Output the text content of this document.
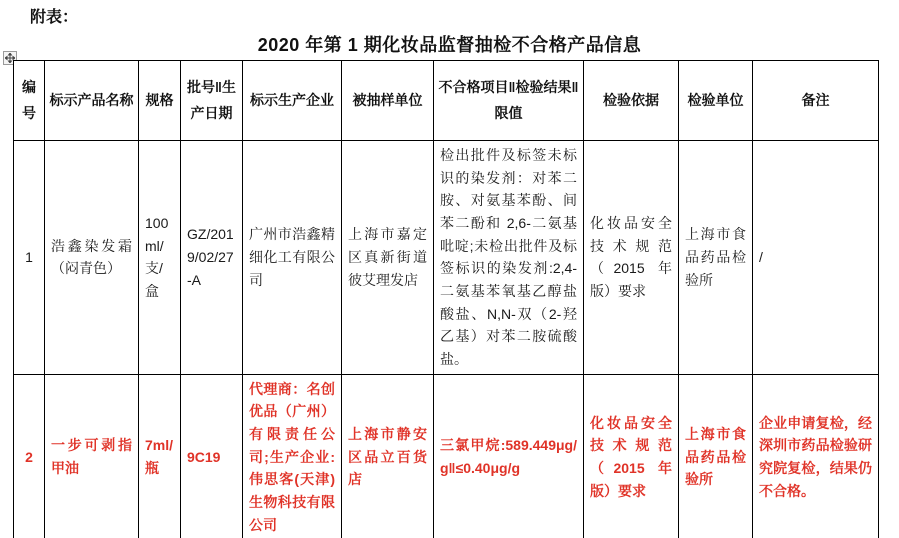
附表：
2020 年第 1 期化妆品监督抽检不合格产品信息
编号	标示产品名称	规格	批号‖生产日期	标示生产企业	被抽样单位	不合格项目‖检验结果‖限值	检验依据	检验单位	备注
1	浩鑫染发霜（闷青色）	100ml/支/盒	GZ/2019/02/27-A	广州市浩鑫精细化工有限公司	上海市嘉定区真新街道彼艾理发店	检出批件及标签未标识的染发剂：对苯二胺、对氨基苯酚、间苯二酚和 2,6-二氨基吡啶;未检出批件及标签标识的染发剂:2,4-二氨基苯氧基乙醇盐酸盐、N,N-双（2-羟乙基）对苯二胺硫酸盐。	化妆品安全技术规范（2015 年版）要求	上海市食品药品检验所	/
2	一步可剥指甲油	7ml/瓶	9C19	代理商：名创优品（广州）有限责任公司;生产企业:伟思客(天津)生物科技有限公司	上海市静安区品立百货店	三氯甲烷:589.449μg/g‖≤0.40μg/g	化妆品安全技术规范（2015 年版）要求	上海市食品药品检验所	企业申请复检，经深圳市药品检验研究院复检，结果仍不合格。
